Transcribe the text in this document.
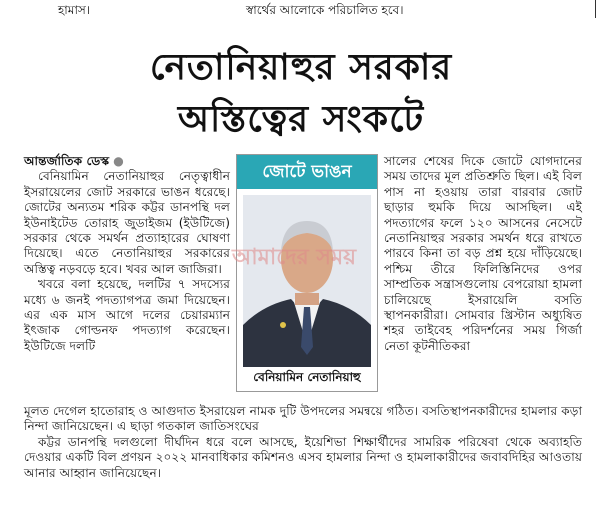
হামাস।	স্বার্থের আলোকে পরিচালিত হবে।
নেতানিয়াহুর সরকার
অস্তিত্বের সংকটে

আন্তর্জাতিক ডেস্ক ●

বেনিয়ামিন নেতানিয়াহুর নেতৃত্বাধীন ইসরায়েলের জোট সরকারে ভাঙন ধরেছে। জোটের অন্যতম শরিক কট্টর ডানপন্থি দল ইউনাইটেড তোরাহ জুডাইজম (ইউটিজে) সরকার থেকে সমর্থন প্রত্যাহারের ঘোষণা দিয়েছে। এতে নেতানিয়াহুর সরকারের অস্তিত্ব নড়বড়ে হবে। খবর আল জাজিরা।

খবরে বলা হয়েছে, দলটির ৭ সদস্যের মধ্যে ৬ জনই পদত্যাগপত্র জমা দিয়েছেন। এর এক মাস আগে দলের চেয়ারম্যান ইৎজাক গোল্ডনফ পদত্যাগ করেছেন। ইউটিজে দলটি

জোটে ভাঙন
বেনিয়ামিন নেতানিয়াহু
আমাদের সময়

সালের শেষের দিকে জোটে যোগদানের সময় তাদের মূল প্রতিশ্রুতি ছিল। এই বিল পাস না হওয়ায় তারা বারবার জোট ছাড়ার হুমকি দিয়ে আসছিল। এই পদত্যাগের ফলে ১২০ আসনের নেসেটে নেতানিয়াহুর সরকার সমর্থন ধরে রাখতে পারবে কিনা তা বড় প্রশ্ন হয়ে দাঁড়িয়েছে। পশ্চিম তীরে ফিলিস্তিনিদের ওপর সাম্প্রতিক সন্ত্রাসগুলোয় বেপরোয়া হামলা চালিয়েছে ইসরায়েলি বসতি স্থাপনকারীরা। সোমবার খ্রিস্টান অধ্যুষিত শহর তাইবেহ পরিদর্শনের সময় গির্জা নেতা কূটনীতিকরা

মূলত দেগেল হাতোরাহ ও আগুদাত ইসরায়েল নামক দুটি উপদলের সমন্বয়ে গঠিত। বসতিস্থাপনকারীদের হামলার কড়া নিন্দা জানিয়েছেন। এ ছাড়া গতকাল জাতিসংঘের

কট্টর ডানপন্থি দলগুলো দীর্ঘদিন ধরে বলে আসছে, ইয়েশিভা শিক্ষার্থীদের সামরিক পরিষেবা থেকে অব্যাহতি দেওয়ার একটি বিল প্রণয়ন ২০২২ মানবাধিকার কমিশনও এসব হামলার নিন্দা ও হামলাকারীদের জবাবদিহির আওতায় আনার আহ্বান জানিয়েছেন।
